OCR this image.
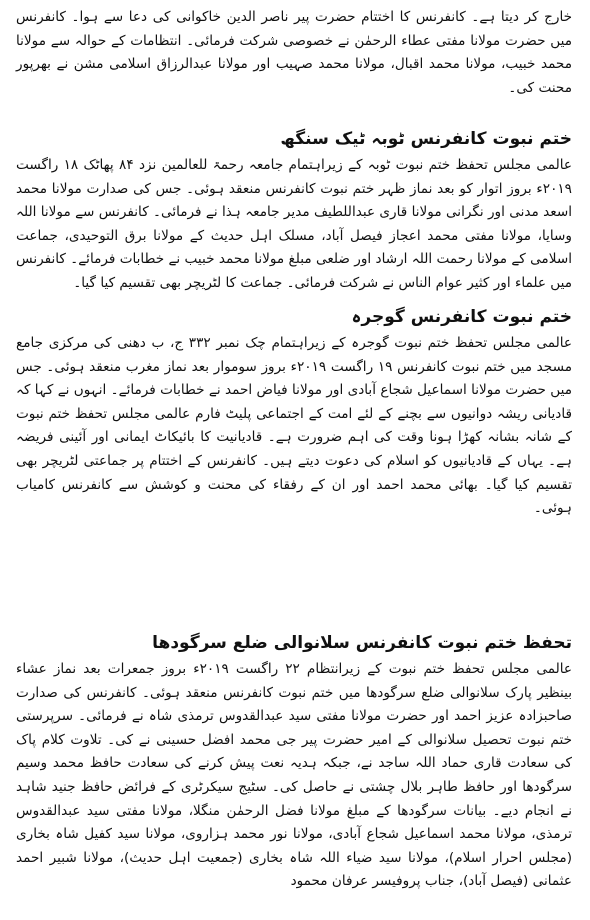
خارج کر دیتا ہے۔ کانفرنس کا اختتام حضرت پیر ناصر الدین خاکوانی کی دعا سے ہوا۔ کانفرنس میں حضرت مولانا مفتی عطاء الرحمٰن نے خصوصی شرکت فرمائی۔ انتظامات کے حوالہ سے مولانا محمد خبیب، مولانا محمد اقبال، مولانا محمد صہیب اور مولانا عبدالرزاق اسلامی مشن نے بھرپور محنت کی۔

ختم نبوت کانفرنس ٹوبہ ٹیک سنگھ

عالمی مجلس تحفظ ختم نبوت ٹوبہ کے زیراہتمام جامعہ رحمۃ للعالمین نزد ۸۴ پھاٹک ۱۸ راگست ۲۰۱۹ء بروز اتوار کو بعد نماز ظہر ختم نبوت کانفرنس منعقد ہوئی۔ جس کی صدارت مولانا محمد اسعد مدنی اور نگرانی مولانا قاری عبداللطیف مدیر جامعہ ہذا نے فرمائی۔ کانفرنس سے مولانا اللہ وسایا، مولانا مفتی محمد اعجاز فیصل آباد، مسلک اہل حدیث کے مولانا برق التوحیدی، جماعت اسلامی کے مولانا رحمت اللہ ارشاد اور ضلعی مبلغ مولانا محمد خبیب نے خطابات فرمائے۔ کانفرنس میں علماء اور کثیر عوام الناس نے شرکت فرمائی۔ جماعت کا لٹریچر بھی تقسیم کیا گیا۔

ختم نبوت کانفرنس گوجرہ

عالمی مجلس تحفظ ختم نبوت گوجرہ کے زیراہتمام چک نمبر ۳۳۲ ج، ب دھنی کی مرکزی جامع مسجد میں ختم نبوت کانفرنس ۱۹ راگست ۲۰۱۹ء بروز سوموار بعد نماز مغرب منعقد ہوئی۔ جس میں حضرت مولانا اسماعیل شجاع آبادی اور مولانا فیاض احمد نے خطابات فرمائے۔ انہوں نے کہا کہ قادیانی ریشہ دوانیوں سے بچنے کے لئے امت کے اجتماعی پلیٹ فارم عالمی مجلس تحفظ ختم نبوت کے شانہ بشانہ کھڑا ہونا وقت کی اہم ضرورت ہے۔ قادیانیت کا بائیکاٹ ایمانی اور آئینی فریضہ ہے۔ یہاں کے قادیانیوں کو اسلام کی دعوت دیتے ہیں۔ کانفرنس کے اختتام پر جماعتی لٹریچر بھی تقسیم کیا گیا۔ بھائی محمد احمد اور ان کے رفقاء کی محنت و کوشش سے کانفرنس کامیاب ہوئی۔

تحفظ ختم نبوت کانفرنس سلانوالی ضلع سرگودھا

عالمی مجلس تحفظ ختم نبوت کے زیرانتظام ۲۲ راگست ۲۰۱۹ء بروز جمعرات بعد نماز عشاء بینظیر پارک سلانوالی ضلع سرگودھا میں ختم نبوت کانفرنس منعقد ہوئی۔ کانفرنس کی صدارت صاحبزادہ عزیز احمد اور حضرت مولانا مفتی سید عبدالقدوس ترمذی شاہ نے فرمائی۔ سرپرستی ختم نبوت تحصیل سلانوالی کے امیر حضرت پیر جی محمد افضل حسینی نے کی۔ تلاوت کلام پاک کی سعادت قاری حماد اللہ ساجد نے، جبکہ ہدیہ نعت پیش کرنے کی سعادت حافظ محمد وسیم سرگودھا اور حافظ طاہر بلال چشتی نے حاصل کی۔ سٹیج سیکرٹری کے فرائض حافظ جنید شاہد نے انجام دیے۔ بیانات سرگودھا کے مبلغ مولانا فضل الرحمٰن منگلا، مولانا مفتی سید عبدالقدوس ترمذی، مولانا محمد اسماعیل شجاع آبادی، مولانا نور محمد ہزاروی، مولانا سید کفیل شاہ بخاری (مجلس احرار اسلام)، مولانا سید ضیاء اللہ شاہ بخاری (جمعیت اہل حدیث)، مولانا شبیر احمد عثمانی (فیصل آباد)، جناب پروفیسر عرفان محمود
